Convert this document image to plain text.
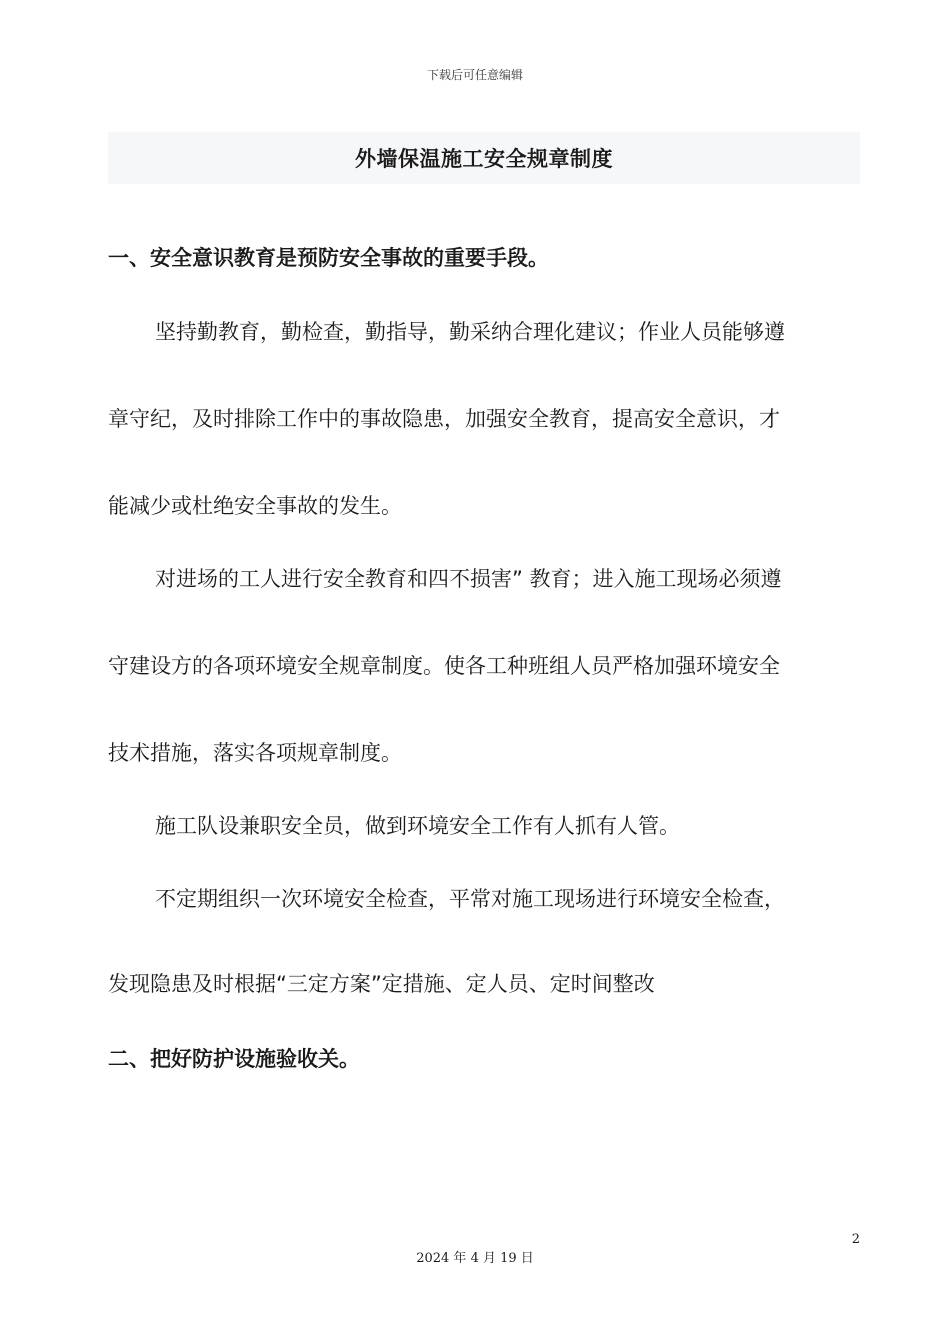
下载后可任意编辑
外墙保温施工安全规章制度

一、安全意识教育是预防安全事故的重要手段。

坚持勤教育，勤检查，勤指导，勤采纳合理化建议；作业人员能够遵

章守纪，及时排除工作中的事故隐患，加强安全教育，提高安全意识，才

能减少或杜绝安全事故的发生。

对进场的工人进行安全教育和四不损害” 教育；进入施工现场必须遵

守建设方的各项环境安全规章制度。使各工种班组人员严格加强环境安全

技术措施，落实各项规章制度。

施工队设兼职安全员，做到环境安全工作有人抓有人管。

不定期组织一次环境安全检查，平常对施工现场进行环境安全检查，

发现隐患及时根据“三定方案”定措施、定人员、定时间整改

二、把好防护设施验收关。

2
2024 年 4 月 19 日
